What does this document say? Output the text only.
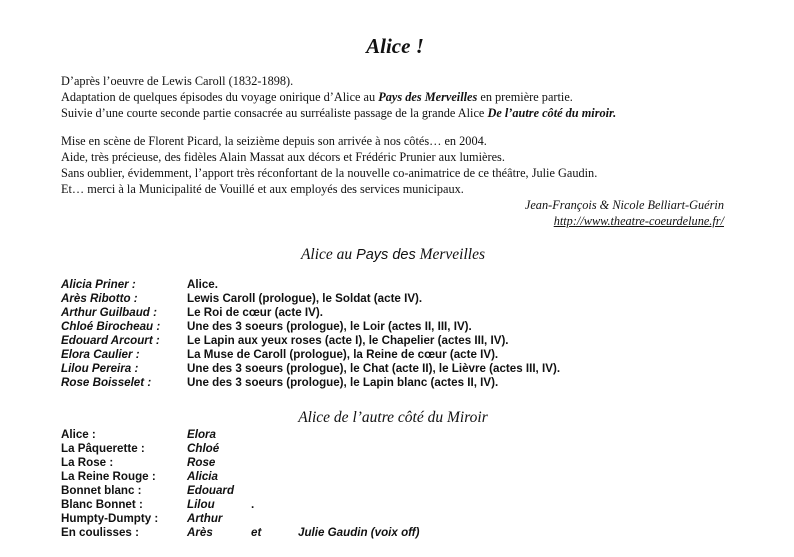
Alice !
D’après l’oeuvre de Lewis Caroll (1832-1898).
Adaptation de quelques épisodes du voyage onirique d’Alice au Pays des Merveilles en première partie.
Suivie d’une courte seconde partie consacrée au surréaliste passage de la grande Alice De l’autre côté du miroir.
Mise en scène de Florent Picard, la seizième depuis son arrivée à nos côtés… en 2004.
Aide, très précieuse, des fidèles Alain Massat aux décors et Frédéric Prunier aux lumières.
Sans oublier, évidemment, l’apport très réconfortant de la nouvelle co-animatrice de ce théâtre, Julie Gaudin.
Et… merci à la Municipalité de Vouillé et aux employés des services municipaux.
Jean-François & Nicole Belliart-Guérin
http://www.theatre-coeurdelune.fr/
Alice au Pays des Merveilles
Alicia Priner :	Alice.
Arès Ribotto :	Lewis Caroll (prologue), le Soldat (acte IV).
Arthur Guilbaud :	Le Roi de cœur (acte IV).
Chloé Birocheau : Une des 3 soeurs (prologue), le Loir (actes II, III, IV).
Edouard Arcourt : Le Lapin aux yeux roses (acte I), le Chapelier (actes III, IV).
Elora Caulier :	La Muse de Caroll (prologue), la Reine de cœur (acte IV).
Lilou Pereira :	Une des 3 soeurs (prologue), le Chat (acte II), le Lièvre (actes III, IV).
Rose Boisselet :	Une des 3 soeurs (prologue), le Lapin blanc (actes II, IV).
Alice de l’autre côté du Miroir
Alice :	Elora
La Pâquerette :	Chloé
La Rose :	Rose
La Reine Rouge :	Alicia
Bonnet blanc :	Edouard
Blanc Bonnet :	Lilou	.
Humpty-Dumpty : Arthur
En coulisses :	Arès	et	Julie Gaudin (voix off)
